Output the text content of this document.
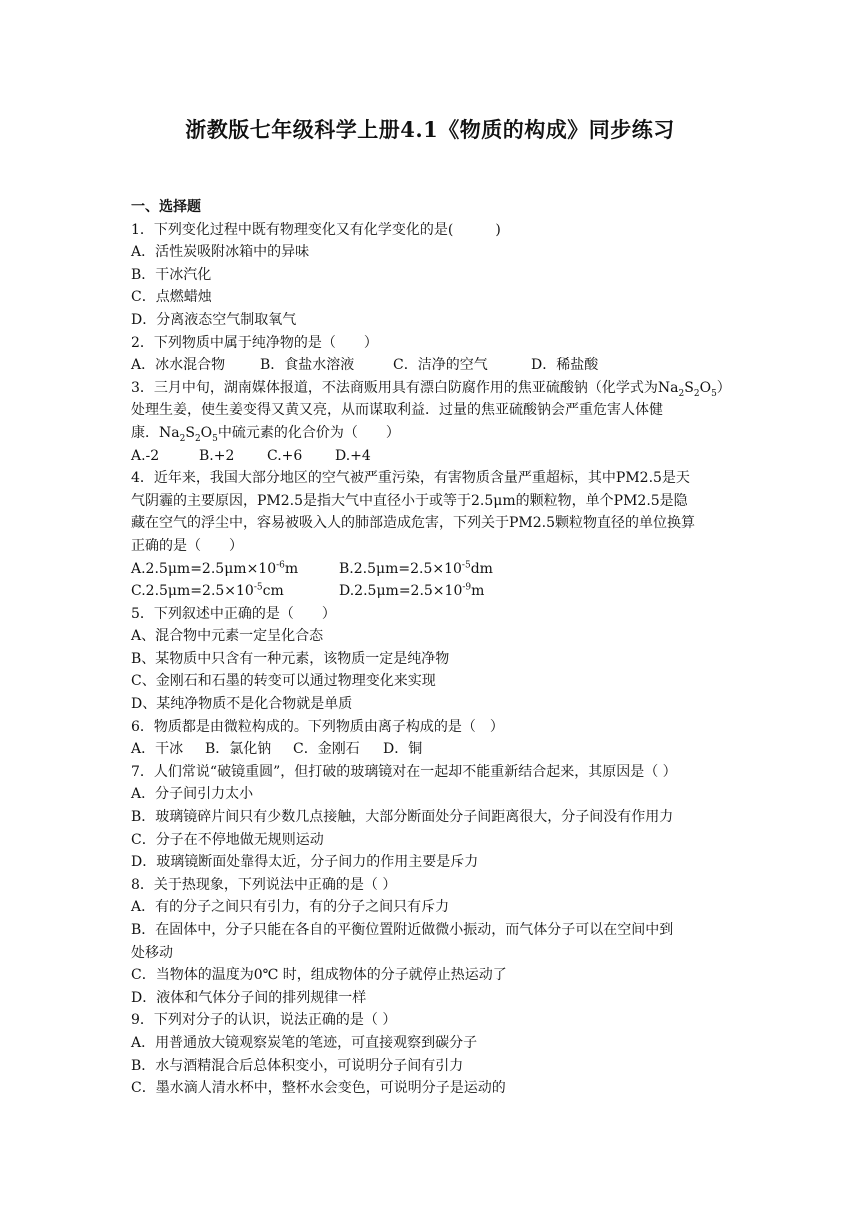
浙教版七年级科学上册4.1《物质的构成》同步练习
一、选择题
1．下列变化过程中既有物理变化又有化学变化的是(　　　)
A．活性炭吸附冰箱中的异味
B．干冰汽化
C．点燃蜡烛
D．分离液态空气制取氧气
2．下列物质中属于纯净物的是（　　）
A．冰水混合物	B．食盐水溶液	C．洁净的空气	D．稀盐酸
3．三月中旬，湖南媒体报道，不法商贩用具有漂白防腐作用的焦亚硫酸钠（化学式为$Na_2S_2O_5$）
处理生姜，使生姜变得又黄又亮，从而谋取利益．过量的焦亚硫酸钠会严重危害人体健
康．$Na_2S_2O_5$中硫元素的化合价为（　　）
A.-2	B.+2	C.+6	D.+4
4．近年来，我国大部分地区的空气被严重污染，有害物质含量严重超标，其中PM2.5是天
气阴霾的主要原因，PM2.5是指大气中直径小于或等于2.5μm的颗粒物，单个PM2.5是隐
藏在空气的浮尘中，容易被吸入人的肺部造成危害，下列关于PM2.5颗粒物直径的单位换算
正确的是（　　）
$A.2.5\mu m=2.5\mu m\times 10^{-6}m$	$B.2.5\mu m=2.5\times 10^{-5}dm$
$C.2.5\mu m=2.5\times 10^{-5}cm$	$D.2.5\mu m=2.5\times 10^{-9}m$
5．下列叙述中正确的是（　　）
A、混合物中元素一定呈化合态
B、某物质中只含有一种元素，该物质一定是纯净物
C、金刚石和石墨的转变可以通过物理变化来实现
D、某纯净物质不是化合物就是单质
6．物质都是由微粒构成的。下列物质由离子构成的是（　）
A．干冰	B．氯化钠	C．金刚石	D．铜
7．人们常说“破镜重圆”，但打破的玻璃镜对在一起却不能重新结合起来，其原因是（ ）
A．分子间引力太小
B．玻璃镜碎片间只有少数几点接触，大部分断面处分子间距离很大，分子间没有作用力
C．分子在不停地做无规则运动
D．玻璃镜断面处靠得太近，分子间力的作用主要是斥力
8．关于热现象，下列说法中正确的是（ ）
A．有的分子之间只有引力，有的分子之间只有斥力
B．在固体中，分子只能在各自的平衡位置附近做微小振动，而气体分子可以在空间中到
处移动
C．当物体的温度为0℃ 时，组成物体的分子就停止热运动了
D．液体和气体分子间的排列规律一样
9．下列对分子的认识，说法正确的是（ ）
A．用普通放大镜观察炭笔的笔迹，可直接观察到碳分子
B．水与酒精混合后总体积变小，可说明分子间有引力
C．墨水滴人清水杯中，整杯水会变色，可说明分子是运动的
